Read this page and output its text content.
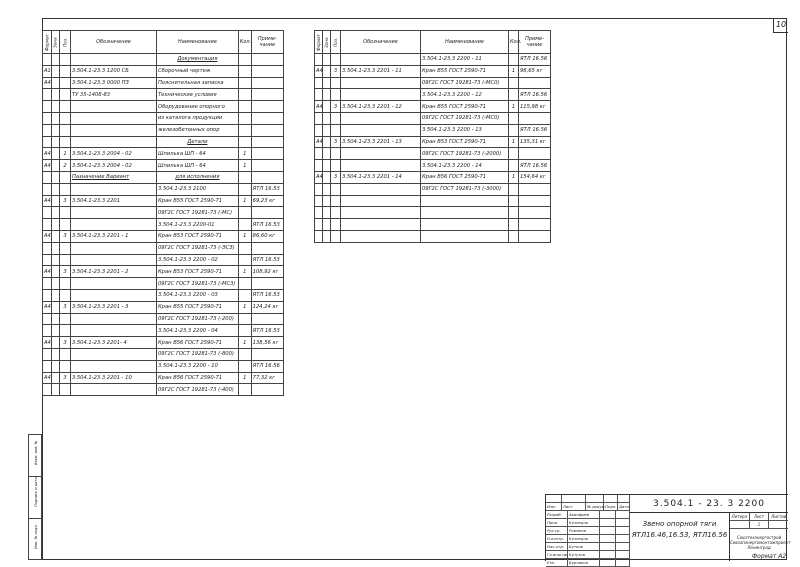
10
Формат	Зона	Поз.	Обозначение	Наименование	Кол.	Приме-чание
				Документация		
А1			3.504.1-23.3 1200 СБ	Сборочный чертеж		
А4			3.504.1-23.3 0000 ПЗ	Пояснительная записка		
			ТУ 35-1408-83	Технические условия		
				Оборудование опорного		
				из каталога продукции		
				железобетонных опор		
				Детали		
А4		1	3.504.1-23.3 2004 - 02	Шпилька ШП - 64	1	
А4		2	3.504.1-23.3 2004 - 02	Шпилька ШП - 64	1	
			Пазначение Вариант	для исполнения		
				3.504.1-23.3 2100		ЯТЛ 16.53
А4		3	3.504.1-23.3 2201	Кран В55 ГОСТ 2590-71	1	69,23 кг
				09Г2С ГОСТ 19281-73 (-МС)		
				3.504.1-23.3 2200-01		ЯТЛ 16.53
А4		3	3.504.1-23.3 2201 - 1	Кран В53 ГОСТ 2590-71	1	86,60 кг
				09Г2С ГОСТ 19281-73 (-ЭСЗ)		
				3.504.1-23.3 2200 - 02		ЯТЛ 16.53
А4		3	3.504.1-23.3 2201 - 2	Кран В53 ГОСТ 2590-71	1	108,92 кг
				09Г2С ГОСТ 19281-73 (-МС3)		
				3.504.1-23.3 2200 - 03		ЯТЛ 16.53
А4		3	3.504.1-23.3 2201 - 3	Кран В55 ГОСТ 2590-71	1	124,24 кг
				09Г2С ГОСТ 19281-73 (-200)		
				3.504.1-23.3 2200 - 04		ЯТЛ 16.53
А4		3	3.504.1-23.3 2201- 4	Кран В56 ГОСТ 2590-71	1	138,56 кг
				09Г2С ГОСТ 19281-73 (-800)		
				3.504.1-23.3 2200 - 10		ЯТЛ 16.56
А4		3	3.504.1-23.3 2201 - 10	Кран В56 ГОСТ 2590-71	1	77,32 кг
				09Г2С ГОСТ 19281-73 (-400)		
Формат	Зона	Поз.	Обозначение	Наименование	Кол.	Приме-чание
				3.504.1-23.3 2200 - 11		ЯТЛ 16.56
А4		3	3.504.1-23.3 2201 - 11	Кран В55 ГОСТ 2590-71	1	96,65 кг
				09Г2С ГОСТ 19281-73 (-МС0)		
				3.504.1-23.3 2200 - 12		ЯТЛ 16.56
А4		3	3.504.1-23.3 2201 - 12	Кран В55 ГОСТ 2590-71	1	115,98 кг
				09Г2С ГОСТ 19281-73 (-МС0)		
				3.504.1-23.3 2200 - 13		ЯТЛ 16.56
А4		3	3.504.1-23.3 2201 - 13	Кран В53 ГОСТ 2590-71	1	135,31 кг
				09Г2С ГОСТ 19281-73 (-2000)		
				3.504.1-23.3 2200 - 14		ЯТЛ 16.56
А4		3	3.504.1-23.3 2201 - 14	Кран В56 ГОСТ 2590-71	1	154,64 кг
				09Г2С ГОСТ 19281-73 (-3000)		

Взам. инв. №
Подпись и дата
Инв. № подл.
Изм.	Лист	№ докум. Подп. Дата
Разраб.	Акинфиев
Пров.	Кузнецов
Рук.гр.	Романов
Н.контр.	Кузнецов
Нач.отд.	Бутков
Гл.инж.пр. Кутузов
Утв.	Бурлаков
3.504.1 - 23. 3 2200
Звено опорной тяги
ЯТЛ16.46,16.53, ЯТЛ16.56
Литера	Лист	Листов
1
Союзтехэнергострой
Севзапэнергомонтажпроект
Ленинград
Формат А2
